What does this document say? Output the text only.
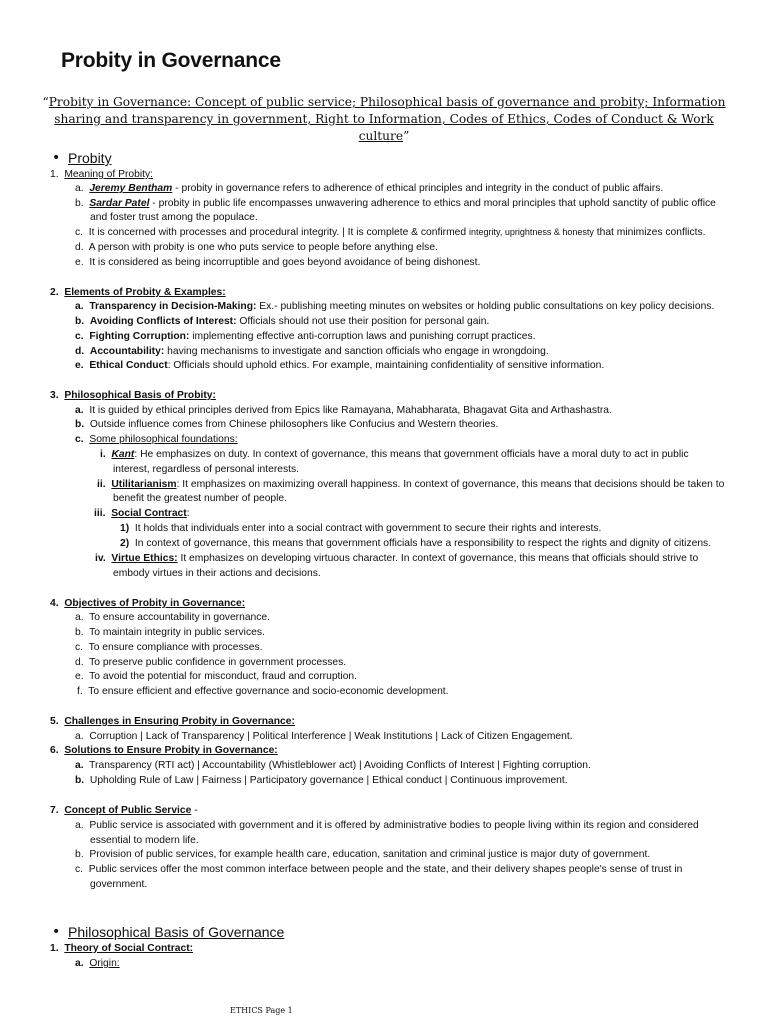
Probity in Governance
“Probity in Governance: Concept of public service; Philosophical basis of governance and probity; Information sharing and transparency in government, Right to Information, Codes of Ethics, Codes of Conduct & Work culture”
• Probity
1. Meaning of Probity:
a. Jeremy Bentham - probity in governance refers to adherence of ethical principles and integrity in the conduct of public affairs.
b. Sardar Patel - probity in public life encompasses unwavering adherence to ethics and moral principles that uphold sanctity of public office
and foster trust among the populace.
c. It is concerned with processes and procedural integrity. | It is complete & confirmed integrity, uprightness & honesty that minimizes conflicts.
d. A person with probity is one who puts service to people before anything else.
e. It is considered as being incorruptible and goes beyond avoidance of being dishonest.
2. Elements of Probity & Examples:
a. Transparency in Decision-Making: Ex.- publishing meeting minutes on websites or holding public consultations on key policy decisions.
b. Avoiding Conflicts of Interest: Officials should not use their position for personal gain.
c. Fighting Corruption: implementing effective anti-corruption laws and punishing corrupt practices.
d. Accountability: having mechanisms to investigate and sanction officials who engage in wrongdoing.
e. Ethical Conduct: Officials should uphold ethics. For example, maintaining confidentiality of sensitive information.
3. Philosophical Basis of Probity:
a. It is guided by ethical principles derived from Epics like Ramayana, Mahabharata, Bhagavat Gita and Arthashastra.
b. Outside influence comes from Chinese philosophers like Confucius and Western theories.
c. Some philosophical foundations:
i. Kant: He emphasizes on duty. In context of governance, this means that government officials have a moral duty to act in public
interest, regardless of personal interests.
ii. Utilitarianism: It emphasizes on maximizing overall happiness. In context of governance, this means that decisions should be taken to
benefit the greatest number of people.
iii. Social Contract:
1) It holds that individuals enter into a social contract with government to secure their rights and interests.
2) In context of governance, this means that government officials have a responsibility to respect the rights and dignity of citizens.
iv. Virtue Ethics: It emphasizes on developing virtuous character. In context of governance, this means that officials should strive to
embody virtues in their actions and decisions.
4. Objectives of Probity in Governance:
a. To ensure accountability in governance.
b. To maintain integrity in public services.
c. To ensure compliance with processes.
d. To preserve public confidence in government processes.
e. To avoid the potential for misconduct, fraud and corruption.
f. To ensure efficient and effective governance and socio-economic development.
5. Challenges in Ensuring Probity in Governance:
a. Corruption | Lack of Transparency | Political Interference | Weak Institutions | Lack of Citizen Engagement.
6. Solutions to Ensure Probity in Governance:
a. Transparency (RTI act) | Accountability (Whistleblower act) | Avoiding Conflicts of Interest | Fighting corruption.
b. Upholding Rule of Law | Fairness | Participatory governance | Ethical conduct | Continuous improvement.
7. Concept of Public Service -
a. Public service is associated with government and it is offered by administrative bodies to people living within its region and considered
essential to modern life.
b. Provision of public services, for example health care, education, sanitation and criminal justice is major duty of government.
c. Public services offer the most common interface between people and the state, and their delivery shapes people's sense of trust in
government.
• Philosophical Basis of Governance
1. Theory of Social Contract:
a. Origin:
ETHICS Page 1
